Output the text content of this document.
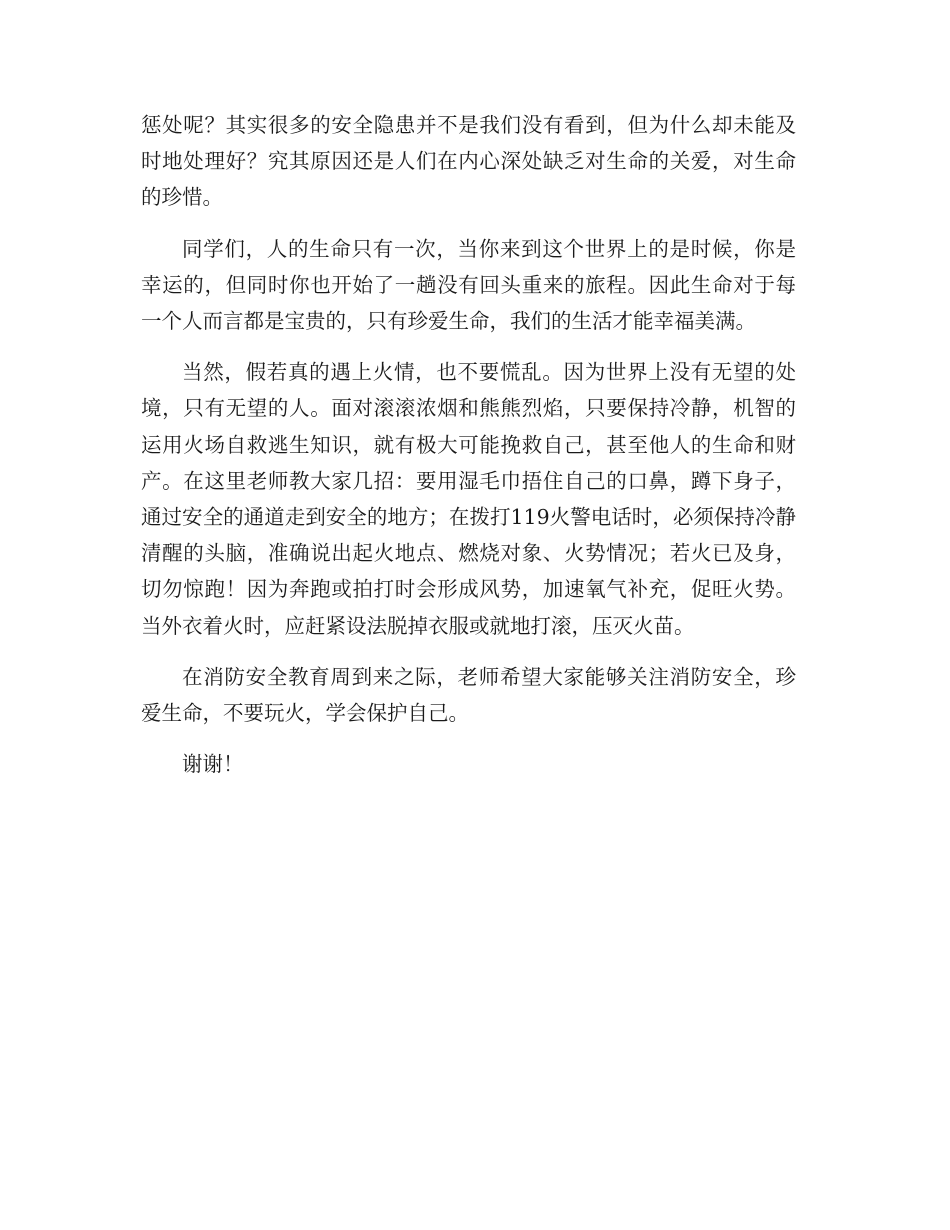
惩处呢？其实很多的安全隐患并不是我们没有看到，但为什么却未能及时地处理好？究其原因还是人们在内心深处缺乏对生命的关爱，对生命的珍惜。

同学们，人的生命只有一次，当你来到这个世界上的是时候，你是幸运的，但同时你也开始了一趟没有回头重来的旅程。因此生命对于每一个人而言都是宝贵的，只有珍爱生命，我们的生活才能幸福美满。

当然，假若真的遇上火情，也不要慌乱。因为世界上没有无望的处境，只有无望的人。面对滚滚浓烟和熊熊烈焰，只要保持冷静，机智的运用火场自救逃生知识，就有极大可能挽救自己，甚至他人的生命和财产。在这里老师教大家几招：要用湿毛巾捂住自己的口鼻，蹲下身子，通过安全的通道走到安全的地方；在拨打119火警电话时，必须保持冷静清醒的头脑，准确说出起火地点、燃烧对象、火势情况；若火已及身，切勿惊跑！因为奔跑或拍打时会形成风势，加速氧气补充，促旺火势。当外衣着火时，应赶紧设法脱掉衣服或就地打滚，压灭火苗。

在消防安全教育周到来之际，老师希望大家能够关注消防安全，珍爱生命，不要玩火，学会保护自己。

谢谢！
